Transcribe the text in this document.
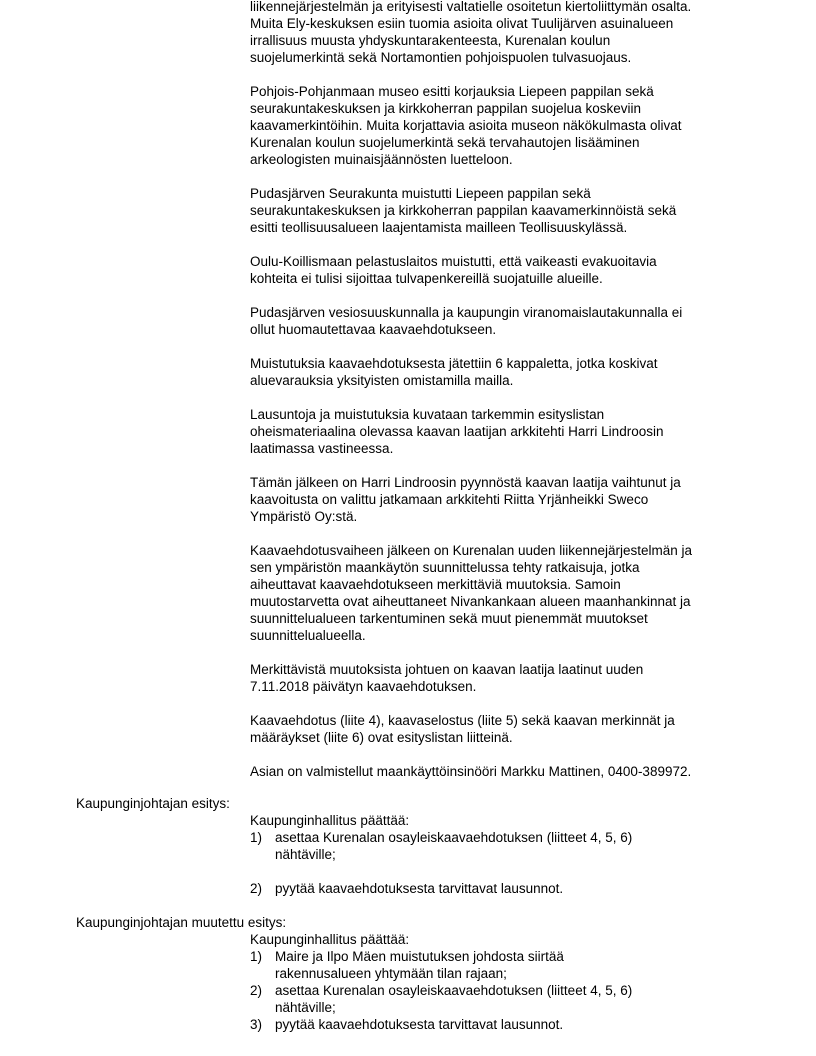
liikennejärjestelmän ja erityisesti valtatielle osoitetun kiertoliittymän osalta.
Muita Ely-keskuksen esiin tuomia asioita olivat Tuulijärven asuinalueen
irrallisuus muusta yhdyskuntarakenteesta, Kurenalan koulun
suojelumerkintä sekä Nortamontien pohjoispuolen tulvasuojaus.
Pohjois-Pohjanmaan museo esitti korjauksia Liepeen pappilan sekä
seurakuntakeskuksen ja kirkkoherran pappilan suojelua koskeviin
kaavamerkintöihin. Muita korjattavia asioita museon näkökulmasta olivat
Kurenalan koulun suojelumerkintä sekä tervahautojen lisääminen
arkeologisten muinaisjäännösten luetteloon.
Pudasjärven Seurakunta muistutti Liepeen pappilan sekä
seurakuntakeskuksen ja kirkkoherran pappilan kaavamerkinnöistä sekä
esitti teollisuusalueen laajentamista mailleen Teollisuuskylässä.
Oulu-Koillismaan pelastuslaitos muistutti, että vaikeasti evakuoitavia
kohteita ei tulisi sijoittaa tulvapenkereillä suojatuille alueille.
Pudasjärven vesiosuuskunnalla ja kaupungin viranomaislautakunnalla ei
ollut huomautettavaa kaavaehdotukseen.
Muistutuksia kaavaehdotuksesta jätettiin 6 kappaletta, jotka koskivat
aluevarauksia yksityisten omistamilla mailla.
Lausuntoja ja muistutuksia kuvataan tarkemmin esityslistan
oheismateriaalina olevassa kaavan laatijan arkkitehti Harri Lindroosin
laatimassa vastineessa.
Tämän jälkeen on Harri Lindroosin pyynnöstä kaavan laatija vaihtunut ja
kaavoitusta on valittu jatkamaan arkkitehti Riitta Yrjänheikki Sweco
Ympäristö Oy:stä.
Kaavaehdotusvaiheen jälkeen on Kurenalan uuden liikennejärjestelmän ja
sen ympäristön maankäytön suunnittelussa tehty ratkaisuja, jotka
aiheuttavat kaavaehdotukseen merkittäviä muutoksia. Samoin
muutostarvetta ovat aiheuttaneet Nivankankaan alueen maanhankinnat ja
suunnittelualueen tarkentuminen sekä muut pienemmät muutokset
suunnittelualueella.
Merkittävistä muutoksista johtuen on kaavan laatija laatinut uuden
7.11.2018 päivätyn kaavaehdotuksen.
Kaavaehdotus (liite 4), kaavaselostus (liite 5) sekä kaavan merkinnät ja
määräykset (liite 6) ovat esityslistan liitteinä.
Asian on valmistellut maankäyttöinsinööri Markku Mattinen, 0400-389972.
Kaupunginjohtajan esitys:
Kaupunginhallitus päättää:
1) asettaa Kurenalan osayleiskaavaehdotuksen (liitteet 4, 5, 6)
nähtäville;
2) pyytää kaavaehdotuksesta tarvittavat lausunnot.
Kaupunginjohtajan muutettu esitys:
Kaupunginhallitus päättää:
1) Maire ja Ilpo Mäen muistutuksen johdosta siirtää
rakennusalueen yhtymään tilan rajaan;
2) asettaa Kurenalan osayleiskaavaehdotuksen (liitteet 4, 5, 6)
nähtäville;
3) pyytää kaavaehdotuksesta tarvittavat lausunnot.
